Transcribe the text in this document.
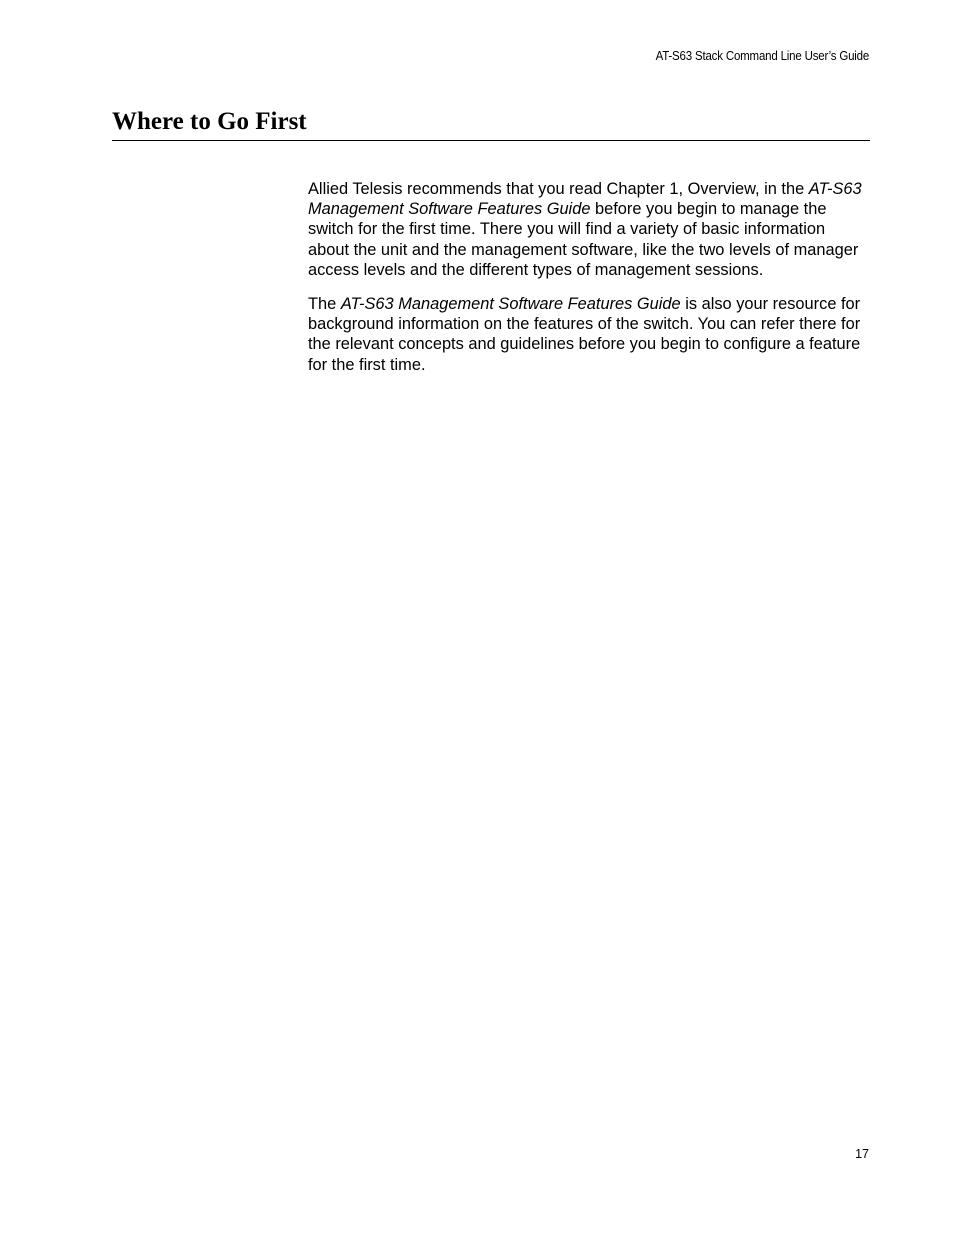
AT-S63 Stack Command Line User’s Guide
Where to Go First

Allied Telesis recommends that you read Chapter 1, Overview, in the AT-S63 Management Software Features Guide before you begin to manage the switch for the first time. There you will find a variety of basic information about the unit and the management software, like the two levels of manager access levels and the different types of management sessions.

The AT-S63 Management Software Features Guide is also your resource for background information on the features of the switch. You can refer there for the relevant concepts and guidelines before you begin to configure a feature for the first time.

17
